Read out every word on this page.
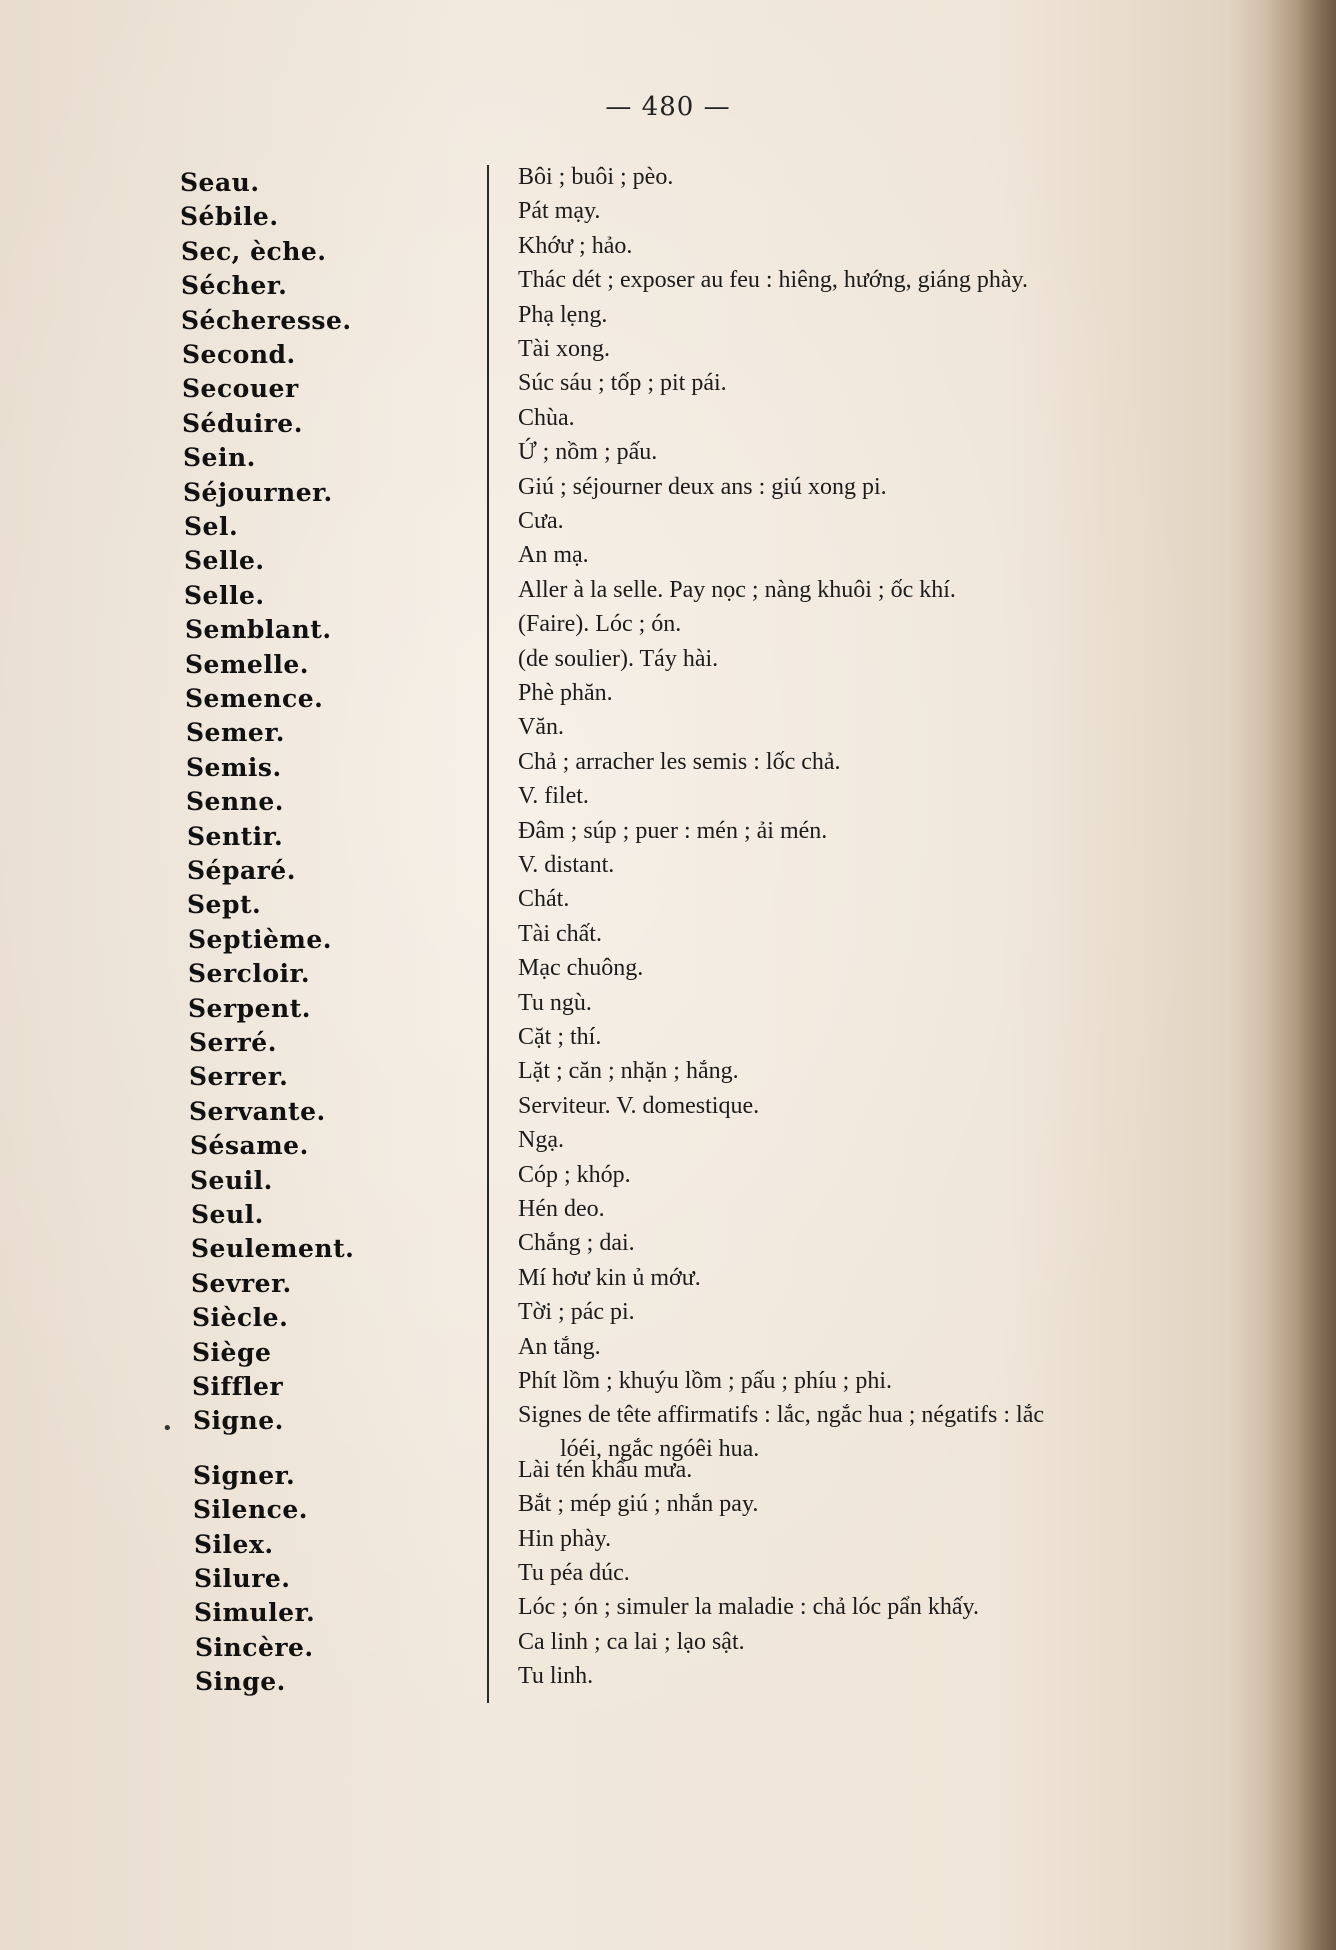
— 480 —
•
Seau.	Bôi ; buôi ; pèo.
Sébile.	Pát mạy.
Sec, èche.	Khớư ; hảo.
Sécher.	Thác dét ; exposer au feu : hiêng, hướng, giáng phày.
Sécheresse.	Phạ lẹng.
Second.	Tài xong.
Secouer	Súc sáu ; tốp ; pit pái.
Séduire.	Chùa.
Sein.	Ứ ; nồm ; pấu.
Séjourner.	Giú ; séjourner deux ans : giú xong pi.
Sel.	Cưa.
Selle.	An mạ.
Selle.	Aller à la selle. Pay nọc ; nàng khuôi ; ốc khí.
Semblant.	(Faire). Lóc ; ón.
Semelle.	(de soulier). Táy hài.
Semence.	Phè phăn.
Semer.	Văn.
Semis.	Chả ; arracher les semis : lốc chả.
Senne.	V. filet.
Sentir.	Đâm ; súp ; puer : mén ; ải mén.
Séparé.	V. distant.
Sept.	Chát.
Septième.	Tài chất.
Sercloir.	Mạc chuông.
Serpent.	Tu ngù.
Serré.	Cặt ; thí.
Serrer.	Lặt ; căn ; nhặn ; hắng.
Servante.	Serviteur. V. domestique.
Sésame.	Ngạ.
Seuil.	Cóp ; khóp.
Seul.	Hén deo.
Seulement.	Chắng ; dai.
Sevrer.	Mí hơư kin ủ mớư.
Siècle.	Tời ; pác pi.
Siège	An tắng.
Siffler	Phít lồm ; khuýu lồm ; pấu ; phíu ; phi.
Signe.	Signes de tête affirmatifs : lắc, ngắc hua ; négatifs : lắc
lóéi, ngắc ngóêi hua.
Signer.	Lài tén khẩu mưa.
Silence.	Bắt ; mép giú ; nhắn pay.
Silex.	Hin phày.
Silure.	Tu péa dúc.
Simuler.	Lóc ; ón ; simuler la maladie : chả lóc pẩn khấy.
Sincère.	Ca linh ; ca lai ; lạo sật.
Singe.	Tu linh.
